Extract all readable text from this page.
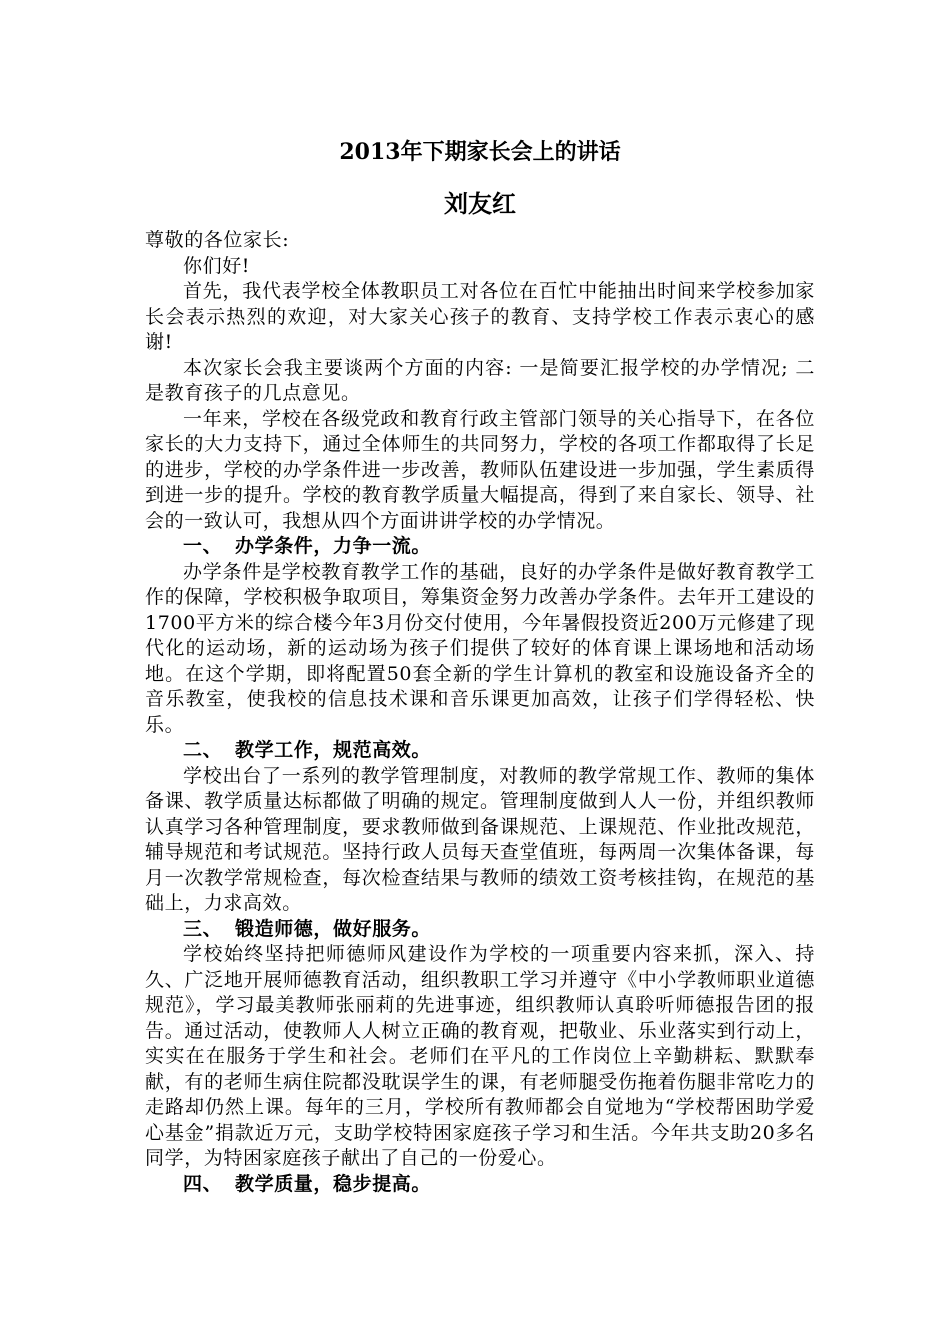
2013年下期家长会上的讲话
刘友红

尊敬的各位家长:

你们好!

首先，我代表学校全体教职员工对各位在百忙中能抽出时间来学校参加家长会表示热烈的欢迎，对大家关心孩子的教育、支持学校工作表示衷心的感谢!

本次家长会我主要谈两个方面的内容: 一是简要汇报学校的办学情况; 二是教育孩子的几点意见。

一年来，学校在各级党政和教育行政主管部门领导的关心指导下，在各位家长的大力支持下，通过全体师生的共同努力，学校的各项工作都取得了长足的进步，学校的办学条件进一步改善，教师队伍建设进一步加强，学生素质得到进一步的提升。学校的教育教学质量大幅提高，得到了来自家长、领导、社会的一致认可，我想从四个方面讲讲学校的办学情况。

一、 办学条件，力争一流。

办学条件是学校教育教学工作的基础，良好的办学条件是做好教育教学工作的保障，学校积极争取项目，筹集资金努力改善办学条件。去年开工建设的1700平方米的综合楼今年3月份交付使用，今年暑假投资近200万元修建了现代化的运动场，新的运动场为孩子们提供了较好的体育课上课场地和活动场地。在这个学期，即将配置50套全新的学生计算机的教室和设施设备齐全的音乐教室，使我校的信息技术课和音乐课更加高效，让孩子们学得轻松、快乐。

二、 教学工作，规范高效。

学校出台了一系列的教学管理制度，对教师的教学常规工作、教师的集体备课、教学质量达标都做了明确的规定。管理制度做到人人一份，并组织教师认真学习各种管理制度，要求教师做到备课规范、上课规范、作业批改规范，辅导规范和考试规范。坚持行政人员每天查堂值班，每两周一次集体备课，每月一次教学常规检查，每次检查结果与教师的绩效工资考核挂钩，在规范的基础上，力求高效。

三、 锻造师德，做好服务。

学校始终坚持把师德师风建设作为学校的一项重要内容来抓，深入、持久、广泛地开展师德教育活动，组织教职工学习并遵守《中小学教师职业道德规范》，学习最美教师张丽莉的先进事迹，组织教师认真聆听师德报告团的报告。通过活动，使教师人人树立正确的教育观，把敬业、乐业落实到行动上，实实在在服务于学生和社会。老师们在平凡的工作岗位上辛勤耕耘、默默奉献，有的老师生病住院都没耽误学生的课，有老师腿受伤拖着伤腿非常吃力的走路却仍然上课。每年的三月，学校所有教师都会自觉地为“学校帮困助学爱心基金”捐款近万元，支助学校特困家庭孩子学习和生活。今年共支助20多名同学，为特困家庭孩子献出了自己的一份爱心。

四、 教学质量，稳步提高。
